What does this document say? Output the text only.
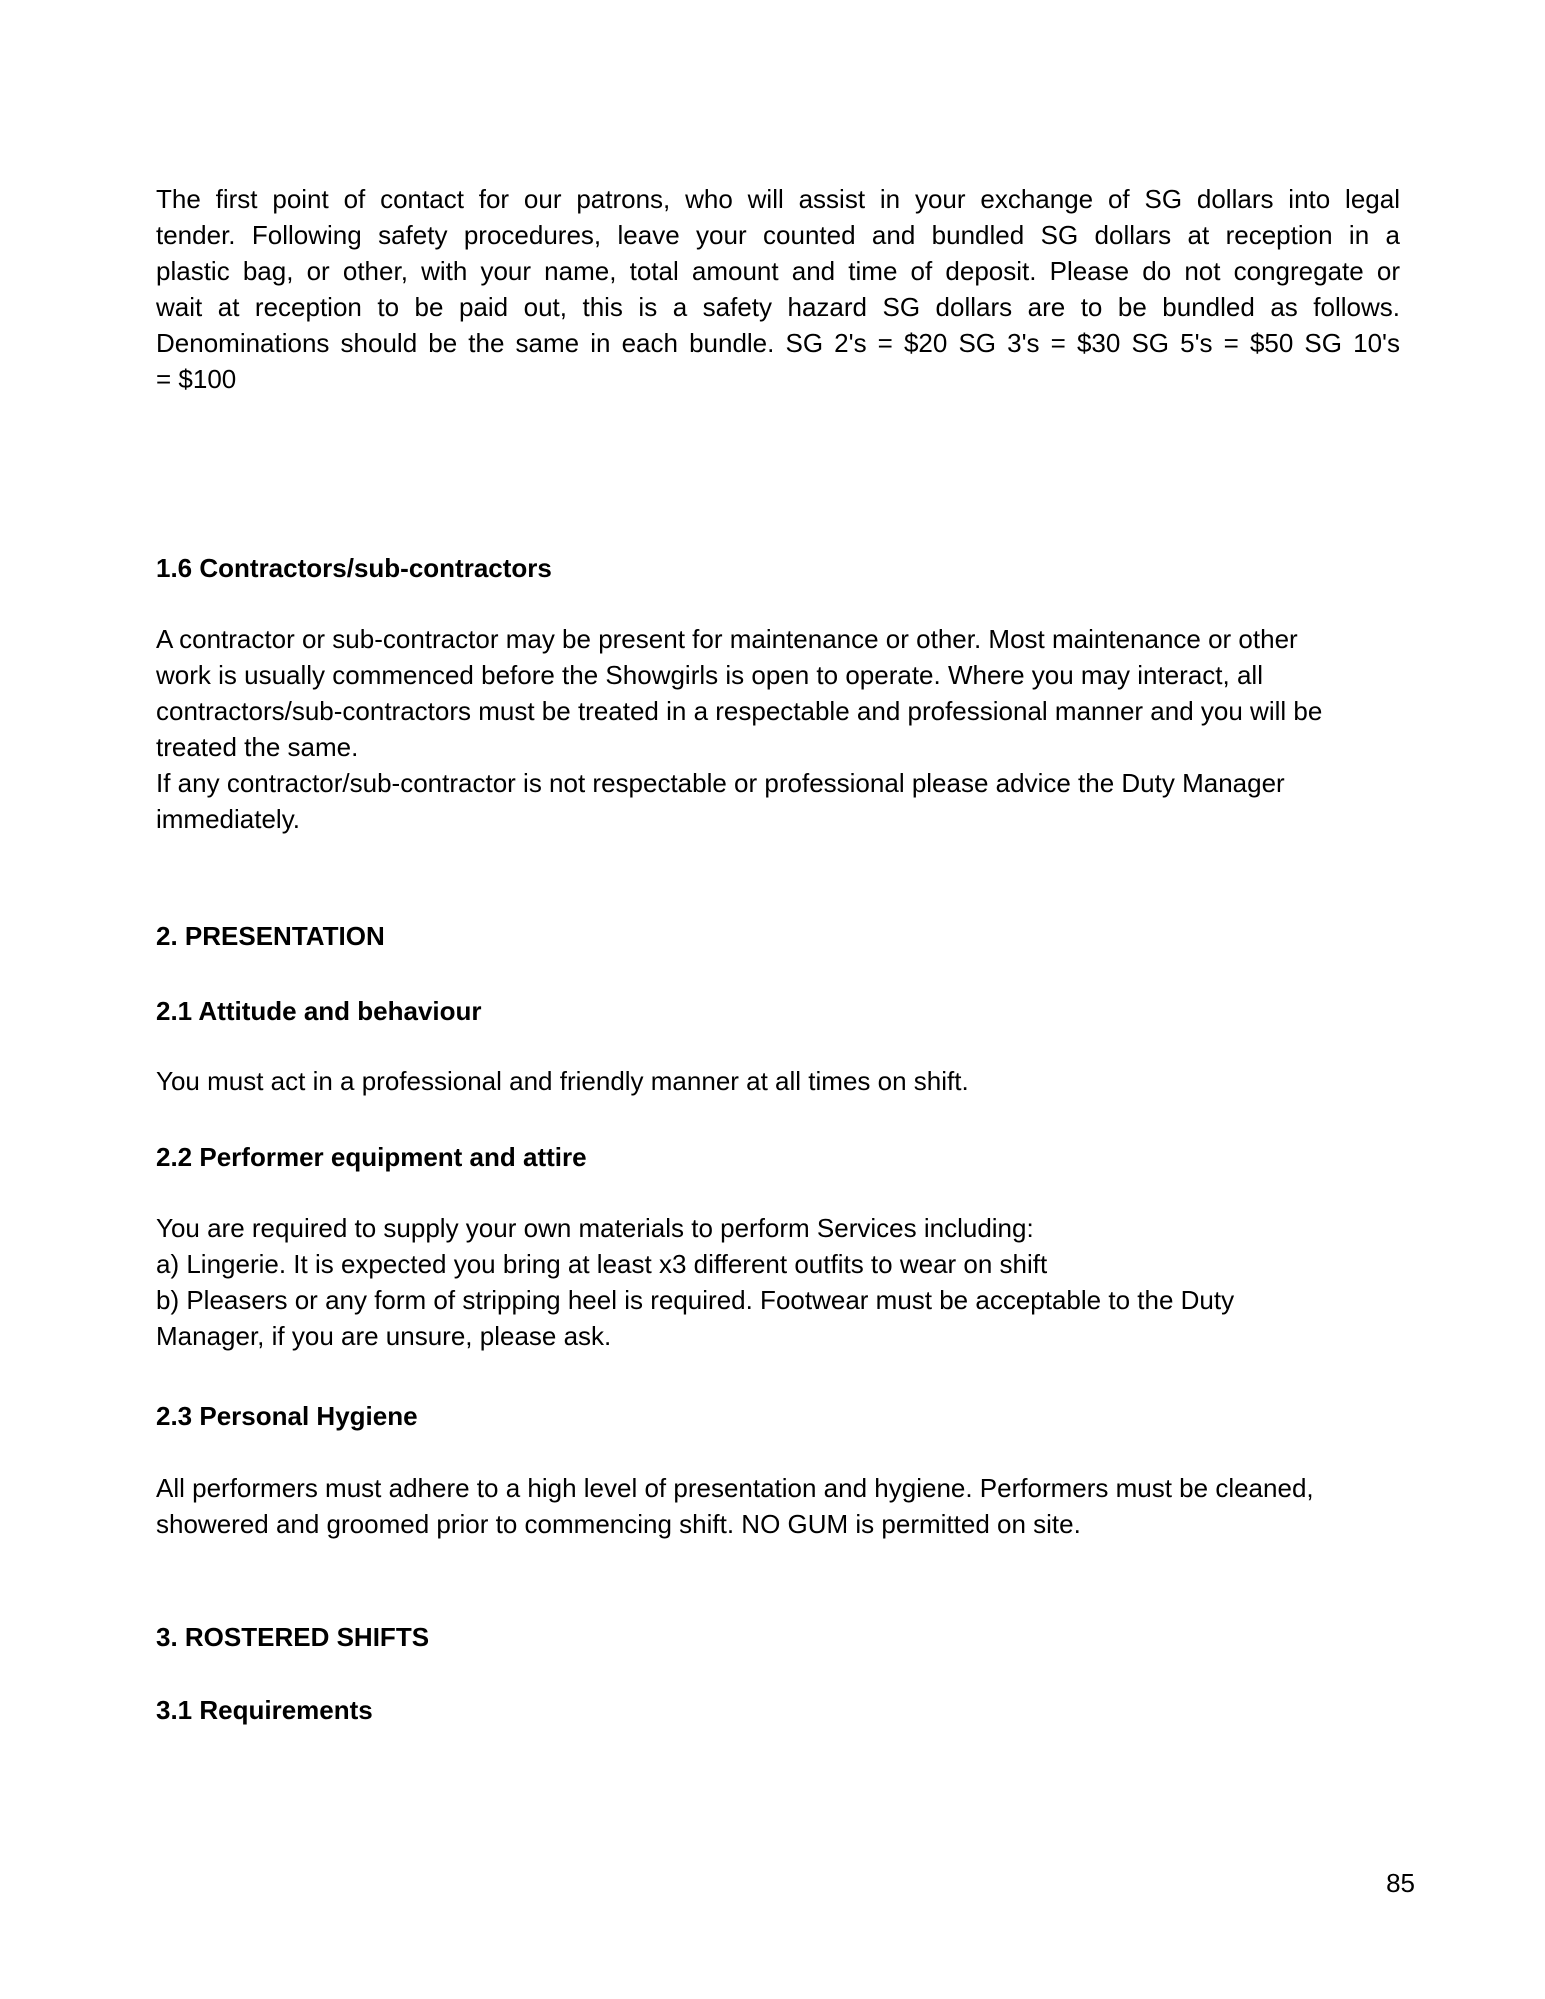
The first point of contact for our patrons, who will assist in your exchange of SG dollars into legal
tender. Following safety procedures, leave your counted and bundled SG dollars at reception in a
plastic bag, or other, with your name, total amount and time of deposit. Please do not congregate or
wait at reception to be paid out, this is a safety hazard SG dollars are to be bundled as follows.
Denominations should be the same in each bundle. SG 2's = $20 SG 3's = $30 SG 5's = $50 SG 10's
= $100
1.6 Contractors/sub-contractors
A contractor or sub-contractor may be present for maintenance or other. Most maintenance or other
work is usually commenced before the Showgirls is open to operate. Where you may interact, all
contractors/sub-contractors must be treated in a respectable and professional manner and you will be
treated the same.
If any contractor/sub-contractor is not respectable or professional please advice the Duty Manager
immediately.
2. PRESENTATION
2.1 Attitude and behaviour
You must act in a professional and friendly manner at all times on shift.
2.2 Performer equipment and attire
You are required to supply your own materials to perform Services including:
a) Lingerie. It is expected you bring at least x3 different outfits to wear on shift
b) Pleasers or any form of stripping heel is required. Footwear must be acceptable to the Duty
Manager, if you are unsure, please ask.
2.3 Personal Hygiene
All performers must adhere to a high level of presentation and hygiene. Performers must be cleaned,
showered and groomed prior to commencing shift. NO GUM is permitted on site.
3. ROSTERED SHIFTS
3.1 Requirements
85
